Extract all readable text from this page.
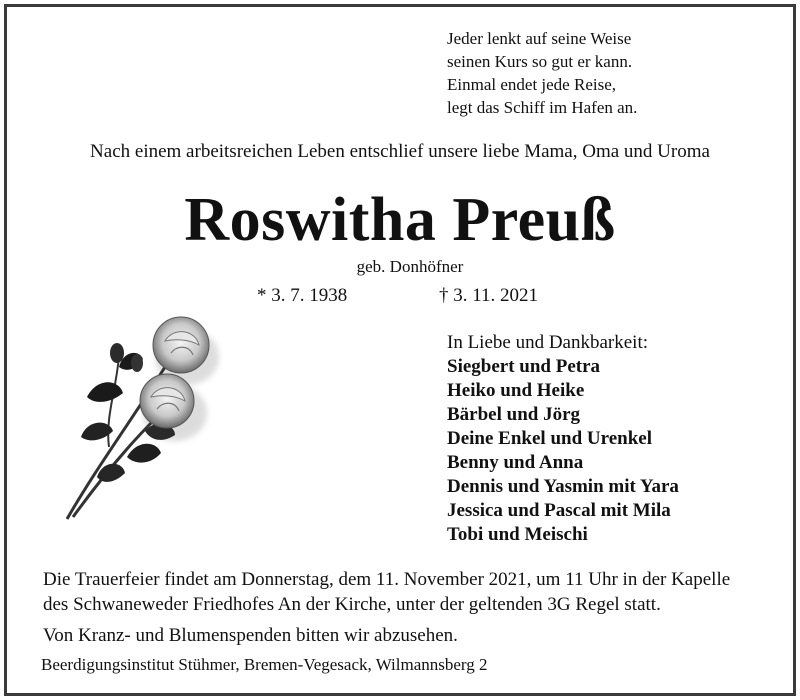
Jeder lenkt auf seine Weise
seinen Kurs so gut er kann.
Einmal endet jede Reise,
legt das Schiff im Hafen an.
Nach einem arbeitsreichen Leben entschlief unsere liebe Mama, Oma und Uroma
Roswitha Preuß
geb. Donhöfner
* 3. 7. 1938	† 3. 11. 2021
In Liebe und Dankbarkeit:
Siegbert und Petra
Heiko und Heike
Bärbel und Jörg
Deine Enkel und Urenkel
Benny und Anna
Dennis und Yasmin mit Yara
Jessica und Pascal mit Mila
Tobi und Meischi
Die Trauerfeier findet am Donnerstag, dem 11. November 2021, um 11 Uhr in der Kapelle
des Schwaneweder Friedhofes An der Kirche, unter der geltenden 3G Regel statt.
Von Kranz- und Blumenspenden bitten wir abzusehen.
Beerdigungsinstitut Stühmer, Bremen-Vegesack, Wilmannsberg 2
